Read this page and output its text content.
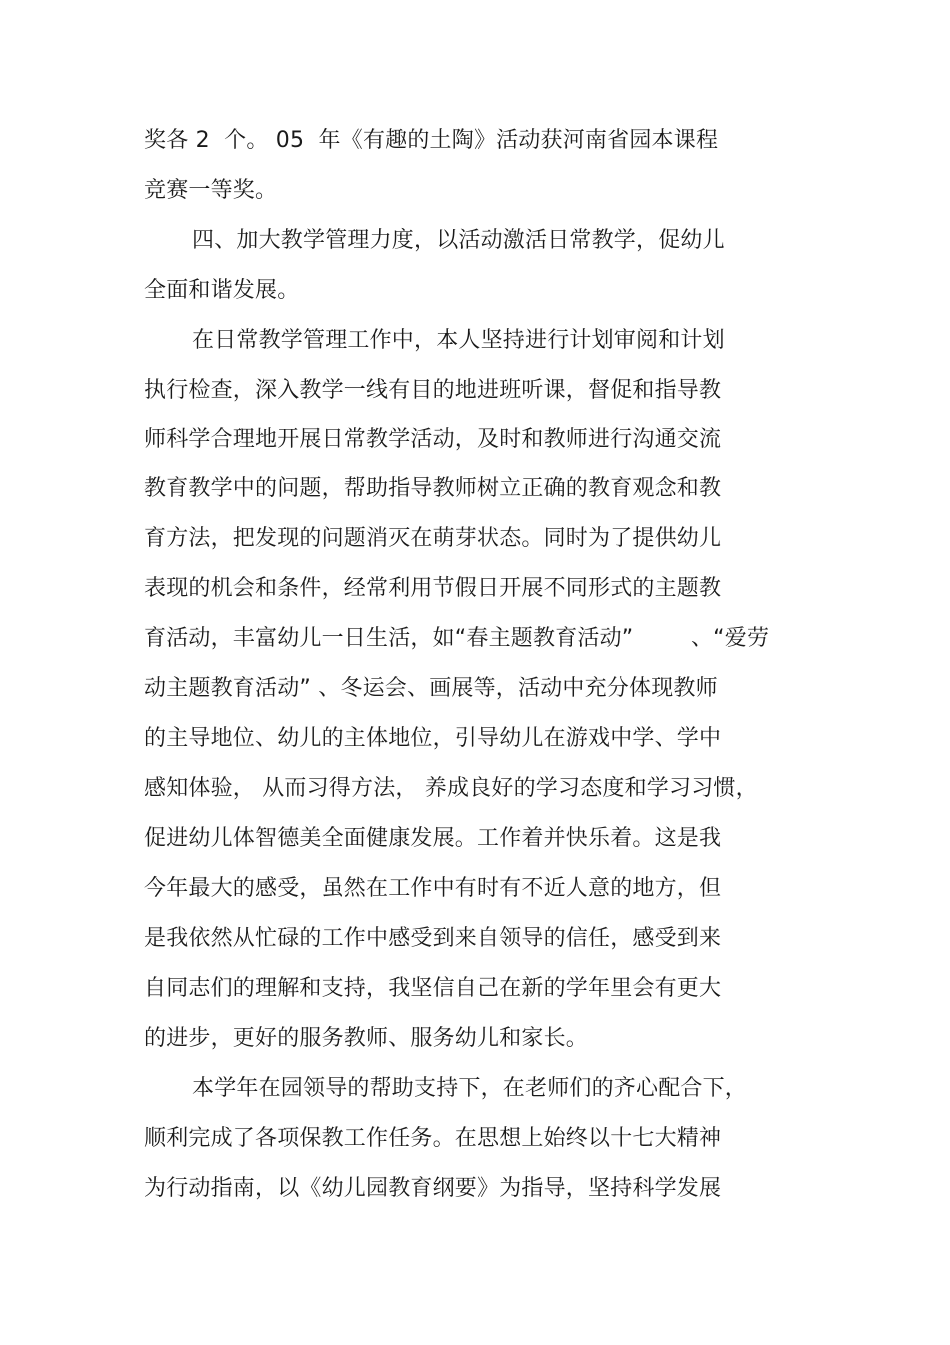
奖各 2  个。 05  年《有趣的土陶》活动获河南省园本课程
竞赛一等奖。
四、加大教学管理力度，以活动激活日常教学，促幼儿
全面和谐发展。
在日常教学管理工作中，本人坚持进行计划审阅和计划
执行检查，深入教学一线有目的地进班听课，督促和指导教
师科学合理地开展日常教学活动，及时和教师进行沟通交流
教育教学中的问题，帮助指导教师树立正确的教育观念和教
育方法，把发现的问题消灭在萌芽状态。同时为了提供幼儿
表现的机会和条件，经常利用节假日开展不同形式的主题教
育活动，丰富幼儿一日生活，如“春主题教育活动”        、“爱劳
动主题教育活动” 、冬运会、画展等，活动中充分体现教师
的主导地位、幼儿的主体地位，引导幼儿在游戏中学、学中
感知体验， 从而习得方法， 养成良好的学习态度和学习习惯，
促进幼儿体智德美全面健康发展。工作着并快乐着。这是我
今年最大的感受，虽然在工作中有时有不近人意的地方，但
是我依然从忙碌的工作中感受到来自领导的信任，感受到来
自同志们的理解和支持，我坚信自己在新的学年里会有更大
的进步，更好的服务教师、服务幼儿和家长。
本学年在园领导的帮助支持下，在老师们的齐心配合下，
顺利完成了各项保教工作任务。在思想上始终以十七大精神
为行动指南，以《幼儿园教育纲要》为指导，坚持科学发展
